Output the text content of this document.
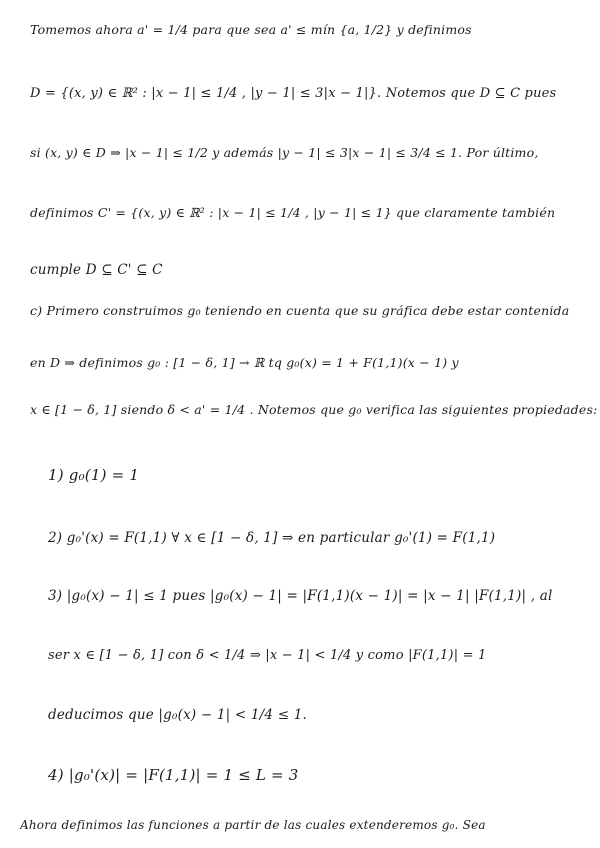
Tomemos ahora a' = 1/4 para que sea a' ≤ mín {a, 1/2} y definimos
D = {(x, y) ∈ ℝ² : |x − 1| ≤ 1/4 , |y − 1| ≤ 3|x − 1|}. Notemos que D ⊆ C pues
si (x, y) ∈ D ⇒ |x − 1| ≤ 1/2 y además |y − 1| ≤ 3|x − 1| ≤ 3/4 ≤ 1. Por último,
definimos C' = {(x, y) ∈ ℝ² : |x − 1| ≤ 1/4 , |y − 1| ≤ 1} que claramente también
cumple D ⊆ C' ⊆ C
c) Primero construimos g₀ teniendo en cuenta que su gráfica debe estar contenida
en D ⇒ definimos g₀ : [1 − δ, 1] → ℝ tq g₀(x) = 1 + F(1,1)(x − 1) y
x ∈ [1 − δ, 1] siendo δ < a' = 1/4 . Notemos que g₀ verifica las siguientes propiedades:
1) g₀(1) = 1
2) g₀'(x) = F(1,1) ∀ x ∈ [1 − δ, 1] ⇒ en particular g₀'(1) = F(1,1)
3) |g₀(x) − 1| ≤ 1 pues |g₀(x) − 1| = |F(1,1)(x − 1)| = |x − 1| |F(1,1)| , al
ser x ∈ [1 − δ, 1] con δ < 1/4 ⇒ |x − 1| < 1/4 y como |F(1,1)| = 1
deducimos que |g₀(x) − 1| < 1/4 ≤ 1.
4) |g₀'(x)| = |F(1,1)| = 1 ≤ L = 3
Ahora definimos las funciones a partir de las cuales extenderemos g₀. Sea
